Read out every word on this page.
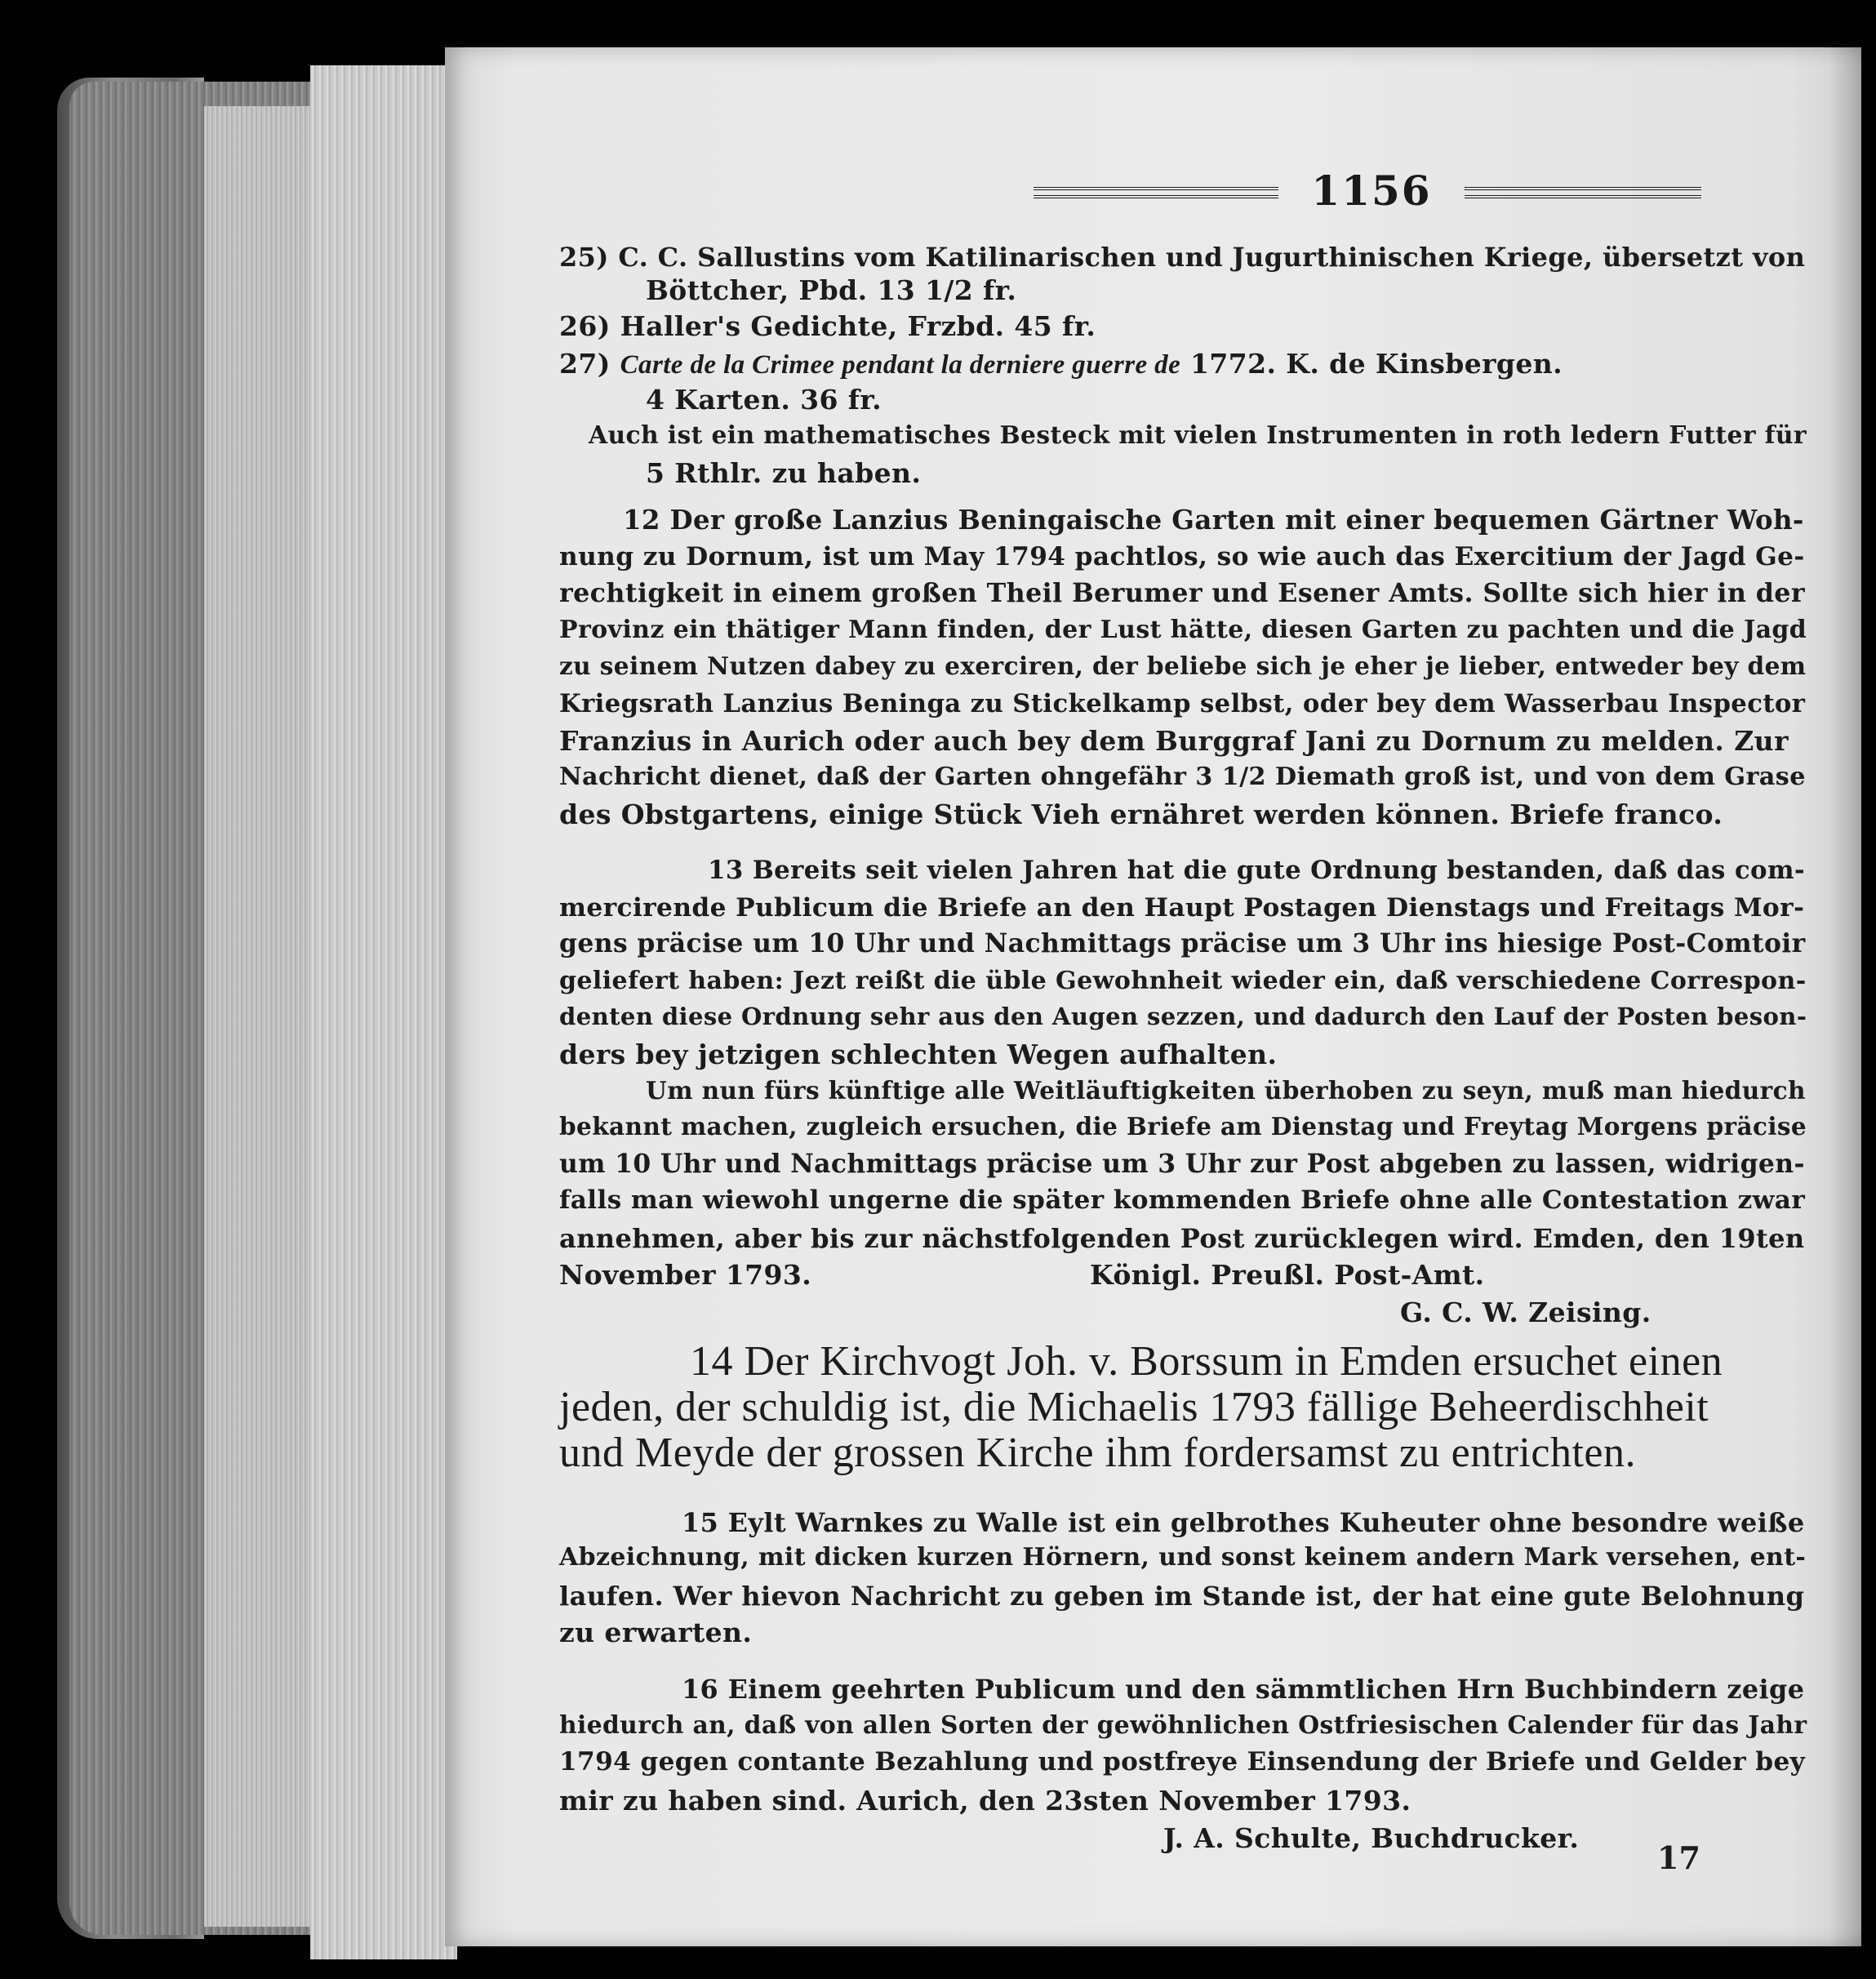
1156
25) C. C. Sallustins vom Katilinarischen und Jugurthinischen Kriege, übersetzt von
Böttcher, Pbd. 13 1/2 fr.
26) Haller's Gedichte, Frzbd. 45 fr.
27) Carte de la Crimee pendant la derniere guerre de 1772. K. de Kinsbergen.
4 Karten. 36 fr.
Auch ist ein mathematisches Besteck mit vielen Instrumenten in roth ledern Futter für
5 Rthlr. zu haben.
12 Der große Lanzius Beningaische Garten mit einer bequemen Gärtner Woh-
nung zu Dornum, ist um May 1794 pachtlos, so wie auch das Exercitium der Jagd Ge-
rechtigkeit in einem großen Theil Berumer und Esener Amts. Sollte sich hier in der
Provinz ein thätiger Mann finden, der Lust hätte, diesen Garten zu pachten und die Jagd
zu seinem Nutzen dabey zu exerciren, der beliebe sich je eher je lieber, entweder bey dem
Kriegsrath Lanzius Beninga zu Stickelkamp selbst, oder bey dem Wasserbau Inspector
Franzius in Aurich oder auch bey dem Burggraf Jani zu Dornum zu melden. Zur
Nachricht dienet, daß der Garten ohngefähr 3 1/2 Diemath groß ist, und von dem Grase
des Obstgartens, einige Stück Vieh ernähret werden können. Briefe franco.
13 Bereits seit vielen Jahren hat die gute Ordnung bestanden, daß das com-
mercirende Publicum die Briefe an den Haupt Postagen Dienstags und Freitags Mor-
gens präcise um 10 Uhr und Nachmittags präcise um 3 Uhr ins hiesige Post-Comtoir
geliefert haben: Jezt reißt die üble Gewohnheit wieder ein, daß verschiedene Correspon-
denten diese Ordnung sehr aus den Augen sezzen, und dadurch den Lauf der Posten beson-
ders bey jetzigen schlechten Wegen aufhalten.
Um nun fürs künftige alle Weitläuftigkeiten überhoben zu seyn, muß man hiedurch
bekannt machen, zugleich ersuchen, die Briefe am Dienstag und Freytag Morgens präcise
um 10 Uhr und Nachmittags präcise um 3 Uhr zur Post abgeben zu lassen, widrigen-
falls man wiewohl ungerne die später kommenden Briefe ohne alle Contestation zwar
annehmen, aber bis zur nächstfolgenden Post zurücklegen wird. Emden, den 19ten
November 1793.	Königl. Preußl. Post-Amt.
G. C. W. Zeising.
14 Der Kirchvogt Joh. v. Borssum in Emden ersuchet einen
jeden, der schuldig ist, die Michaelis 1793 fällige Beheerdischheit
und Meyde der grossen Kirche ihm fordersamst zu entrichten.
15 Eylt Warnkes zu Walle ist ein gelbrothes Kuheuter ohne besondre weiße
Abzeichnung, mit dicken kurzen Hörnern, und sonst keinem andern Mark versehen, ent-
laufen. Wer hievon Nachricht zu geben im Stande ist, der hat eine gute Belohnung
zu erwarten.
16 Einem geehrten Publicum und den sämmtlichen Hrn Buchbindern zeige
hiedurch an, daß von allen Sorten der gewöhnlichen Ostfriesischen Calender für das Jahr
1794 gegen contante Bezahlung und postfreye Einsendung der Briefe und Gelder bey
mir zu haben sind. Aurich, den 23sten November 1793.
J. A. Schulte, Buchdrucker.
17
